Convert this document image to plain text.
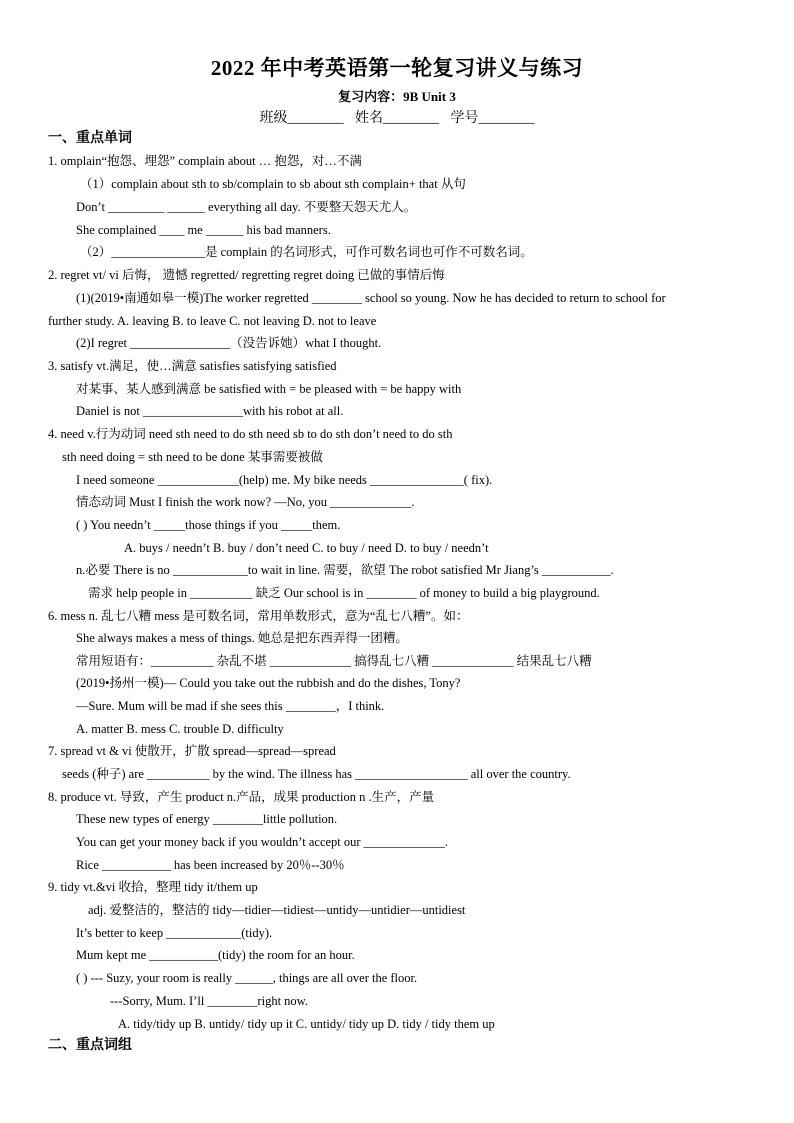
2022 年中考英语第一轮复习讲义与练习
复习内容：9B Unit 3
班级________ 姓名________ 学号________
一、重点单词
1. omplain“抱怨、埋怨” complain about … 抱怨，对…不满
（1）complain about sth to sb/complain to sb about sth complain+ that 从句
Don’t _________ ______ everything all day. 不要整天怨天尤人。
She complained ____ me ______ his bad manners.
（2）_______________是 complain 的名词形式，可作可数名词也可作不可数名词。
2. regret vt/ vi 后悔， 遗憾 regretted/ regretting regret doing 已做的事情后悔
(1)(2019•南通如皋一模)The worker regretted ________ school so young. Now he has decided to return to school for
further study. A. leaving B. to leave C. not leaving D. not to leave
(2)I regret ________________（没告诉她）what I thought.
3. satisfy vt.满足，使…满意 satisfies satisfying satisfied
对某事、某人感到满意 be satisfied with = be pleased with = be happy with
Daniel is not ________________with his robot at all.
4. need v.行为动词 need sth need to do sth need sb to do sth don’t need to do sth
sth need doing = sth need to be done 某事需要被做
I need someone _____________(help) me. My bike needs _______________( fix).
情态动词 Must I finish the work now? —No, you _____________.
( ) You needn’t _____those things if you _____them.
A. buys / needn’t B. buy / don’t need C. to buy / need D. to buy / needn’t
n.必要 There is no ____________to wait in line. 需要，欲望 The robot satisfied Mr Jiang’s ___________.
需求 help people in __________ 缺乏 Our school is in ________ of money to build a big playground.
6. mess n. 乱七八糟 mess 是可数名词，常用单数形式，意为“乱七八糟”。如：
She always makes a mess of things. 她总是把东西弄得一团糟。
常用短语有：__________ 杂乱不堪 _____________ 搞得乱七八糟 _____________ 结果乱七八糟
(2019•扬州一模)— Could you take out the rubbish and do the dishes, Tony?
—Sure. Mum will be mad if she sees this ________，I think.
A. matter B. mess C. trouble D. difficulty
7. spread vt & vi 使散开，扩散 spread—spread—spread
seeds (种子) are __________ by the wind. The illness has __________________ all over the country.
8. produce vt. 导致，产生 product n.产品，成果 production n .生产，产量
These new types of energy ________little pollution.
You can get your money back if you wouldn’t accept our _____________.
Rice ___________ has been increased by 20％--30％
9. tidy vt.&vi 收拾，整理 tidy it/them up
adj. 爱整洁的，整洁的 tidy—tidier—tidiest—untidy—untidier—untidiest
It’s better to keep ____________(tidy).
Mum kept me ___________(tidy) the room for an hour.
( ) --- Suzy, your room is really ______, things are all over the floor.
---Sorry, Mum. I’ll ________right now.
A. tidy/tidy up B. untidy/ tidy up it C. untidy/ tidy up D. tidy / tidy them up
二、重点词组
